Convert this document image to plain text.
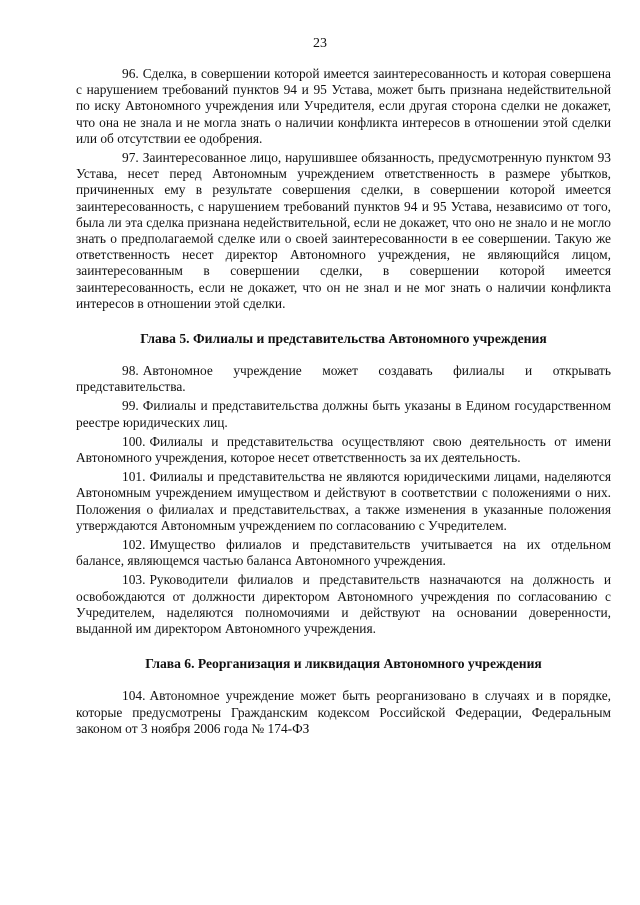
23

96. Сделка, в совершении которой имеется заинтересованность и которая совершена с нарушением требований пунктов 94 и 95 Устава, может быть признана недействительной по иску Автономного учреждения или Учредителя, если другая сторона сделки не докажет, что она не знала и не могла знать о наличии конфликта интересов в отношении этой сделки или об отсутствии ее одобрения.

97. Заинтересованное лицо, нарушившее обязанность, предусмотренную пунктом 93 Устава, несет перед Автономным учреждением ответственность в размере убытков, причиненных ему в результате совершения сделки, в совершении которой имеется заинтересованность, с нарушением требований пунктов 94 и 95 Устава, независимо от того, была ли эта сделка признана недействительной, если не докажет, что оно не знало и не могло знать о предполагаемой сделке или о своей заинтересованности в ее совершении. Такую же ответственность несет директор Автономного учреждения, не являющийся лицом, заинтересованным в совершении сделки, в совершении которой имеется заинтересованность, если не докажет, что он не знал и не мог знать о наличии конфликта интересов в отношении этой сделки.

Глава 5. Филиалы и представительства Автономного учреждения

98. Автономное учреждение может создавать филиалы и открывать представительства.

99. Филиалы и представительства должны быть указаны в Едином государственном реестре юридических лиц.

100. Филиалы и представительства осуществляют свою деятельность от имени Автономного учреждения, которое несет ответственность за их деятельность.

101. Филиалы и представительства не являются юридическими лицами, наделяются Автономным учреждением имуществом и действуют в соответствии с положениями о них. Положения о филиалах и представительствах, а также изменения в указанные положения утверждаются Автономным учреждением по согласованию с Учредителем.

102. Имущество филиалов и представительств учитывается на их отдельном балансе, являющемся частью баланса Автономного учреждения.

103. Руководители филиалов и представительств назначаются на должность и освобождаются от должности директором Автономного учреждения по согласованию с Учредителем, наделяются полномочиями и действуют на основании доверенности, выданной им директором Автономного учреждения.

Глава 6. Реорганизация и ликвидация Автономного учреждения

104. Автономное учреждение может быть реорганизовано в случаях и в порядке, которые предусмотрены Гражданским кодексом Российской Федерации, Федеральным законом от 3 ноября 2006 года № 174-ФЗ
